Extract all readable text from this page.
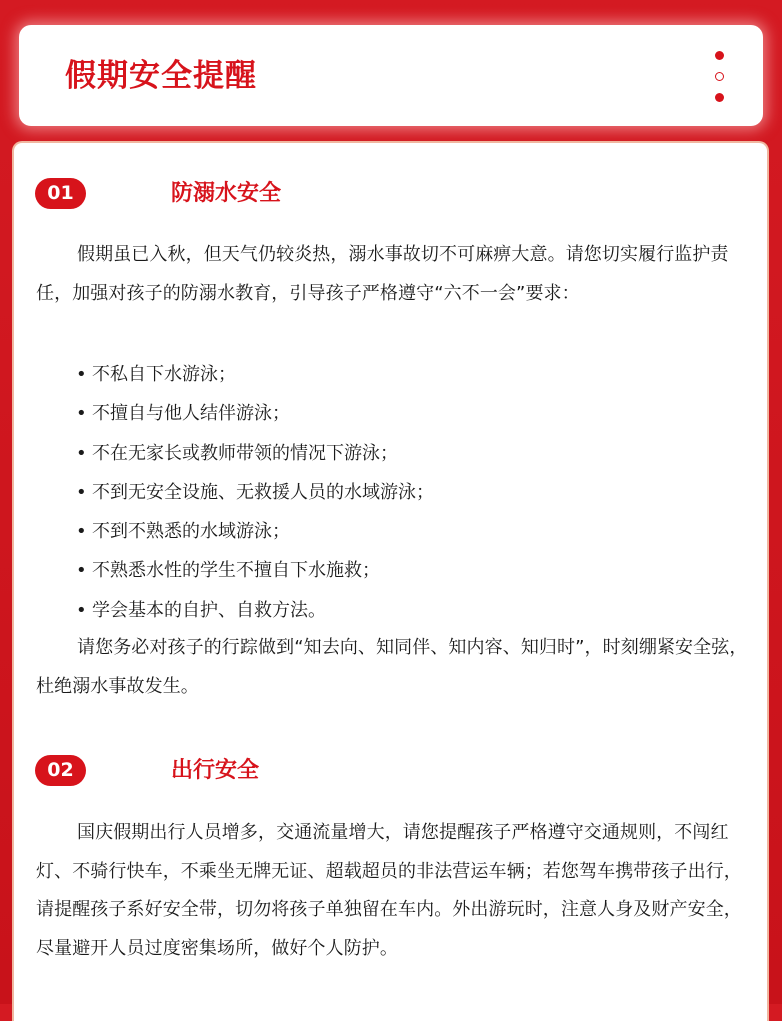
假期安全提醒
01	防溺水安全

假期虽已入秋，但天气仍较炎热，溺水事故切不可麻痹大意。请您切实履行监护责任，加强对孩子的防溺水教育，引导孩子严格遵守“六不一会”要求：

• 不私自下水游泳；
• 不擅自与他人结伴游泳；
• 不在无家长或教师带领的情况下游泳；
• 不到无安全设施、无救援人员的水域游泳；
• 不到不熟悉的水域游泳；
• 不熟悉水性的学生不擅自下水施救；
• 学会基本的自护、自救方法。

请您务必对孩子的行踪做到“知去向、知同伴、知内容、知归时”，时刻绷紧安全弦，杜绝溺水事故发生。

02	出行安全

国庆假期出行人员增多，交通流量增大，请您提醒孩子严格遵守交通规则，不闯红灯、不骑行快车，不乘坐无牌无证、超载超员的非法营运车辆；若您驾车携带孩子出行，请提醒孩子系好安全带，切勿将孩子单独留在车内。外出游玩时，注意人身及财产安全，尽量避开人员过度密集场所，做好个人防护。
